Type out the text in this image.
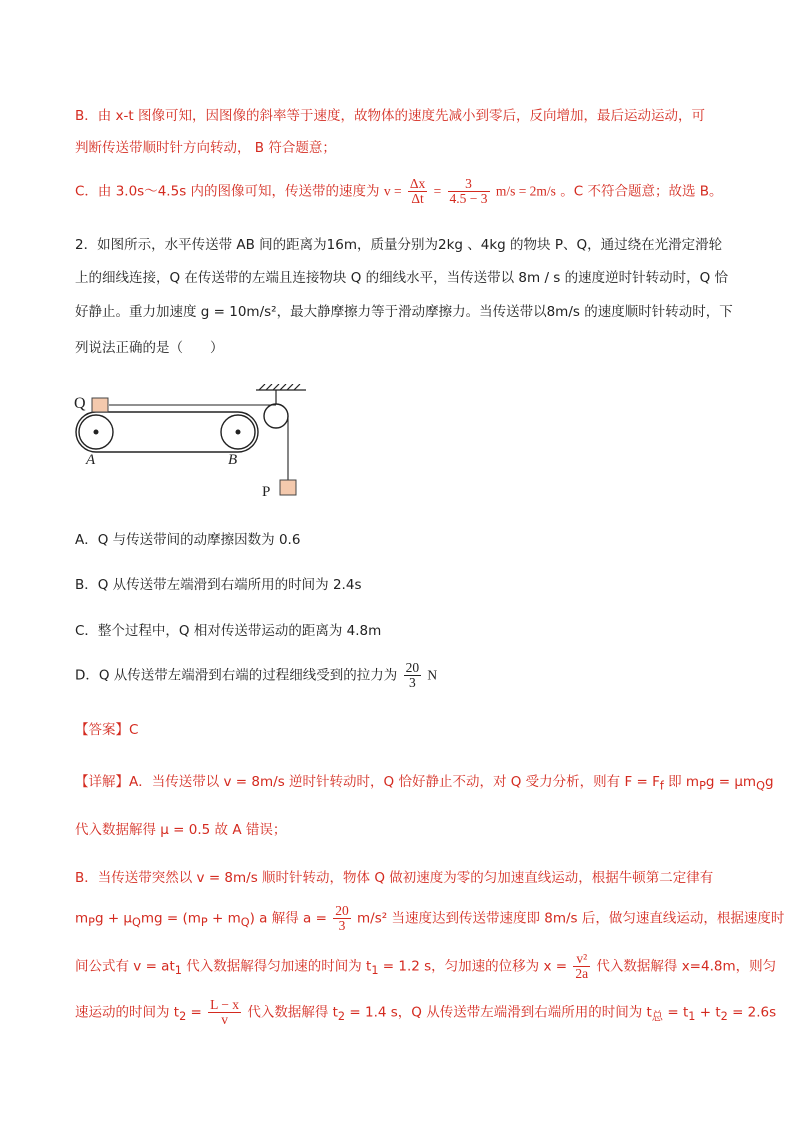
B．由 x-t 图像可知，因图像的斜率等于速度，故物体的速度先减小到零后，反向增加，最后运动运动，可
判断传送带顺时针方向转动， B 符合题意；
C．由 3.0s～4.5s 内的图像可知，传送带的速度为 $v = \frac{\Delta x}{\Delta t} = \frac{3}{4.5 - 3} m/s = 2m/s$ 。C 不符合题意；故选 B。
2．如图所示，水平传送带 AB 间的距离为16m，质量分别为2kg 、4kg 的物块 P、Q，通过绕在光滑定滑轮
上的细线连接，Q 在传送带的左端且连接物块 Q 的细线水平，当传送带以 8m / s 的速度逆时针转动时，Q 恰
好静止。重力加速度 g = 10m/s²，最大静摩擦力等于滑动摩擦力。当传送带以8m/s 的速度顺时针转动时，下
列说法正确的是（　　）
Q
A	B
P
A．Q 与传送带间的动摩擦因数为 0.6
B．Q 从传送带左端滑到右端所用的时间为 2.4s
C．整个过程中，Q 相对传送带运动的距离为 4.8m
D．Q 从传送带左端滑到右端的过程细线受到的拉力为 $\frac{20}{3}$ N
【答案】C
【详解】A．当传送带以 v = 8m/s 逆时针转动时，Q 恰好静止不动，对 Q 受力分析，则有 $F = F_f$ 即 $m_Pg = \mu m_Qg$
代入数据解得 μ = 0.5 故 A 错误；
B．当传送带突然以 v = 8m/s 顺时针转动，物体 Q 做初速度为零的匀加速直线运动，根据牛顿第二定律有
$m_Pg + \mu_Qmg = (m_P + m_Q)$ a 解得 $a = \frac{20}{3} m/s^2$ 当速度达到传送带速度即 8m/s 后，做匀速直线运动，根据速度时
间公式有 $v = at_1$ 代入数据解得匀加速的时间为 $t_1 = 1.2$ s，匀加速的位移为 $x = \frac{\text{v²}}{2a}$ 代入数据解得 x=4.8m，则匀
速运动的时间为 $t_2 = \frac{L - x}{v}$ 代入数据解得 $t_2 = 1.4$ s，Q 从传送带左端滑到右端所用的时间为 $t_总 = t_1 + t_2 = 2.6s$
